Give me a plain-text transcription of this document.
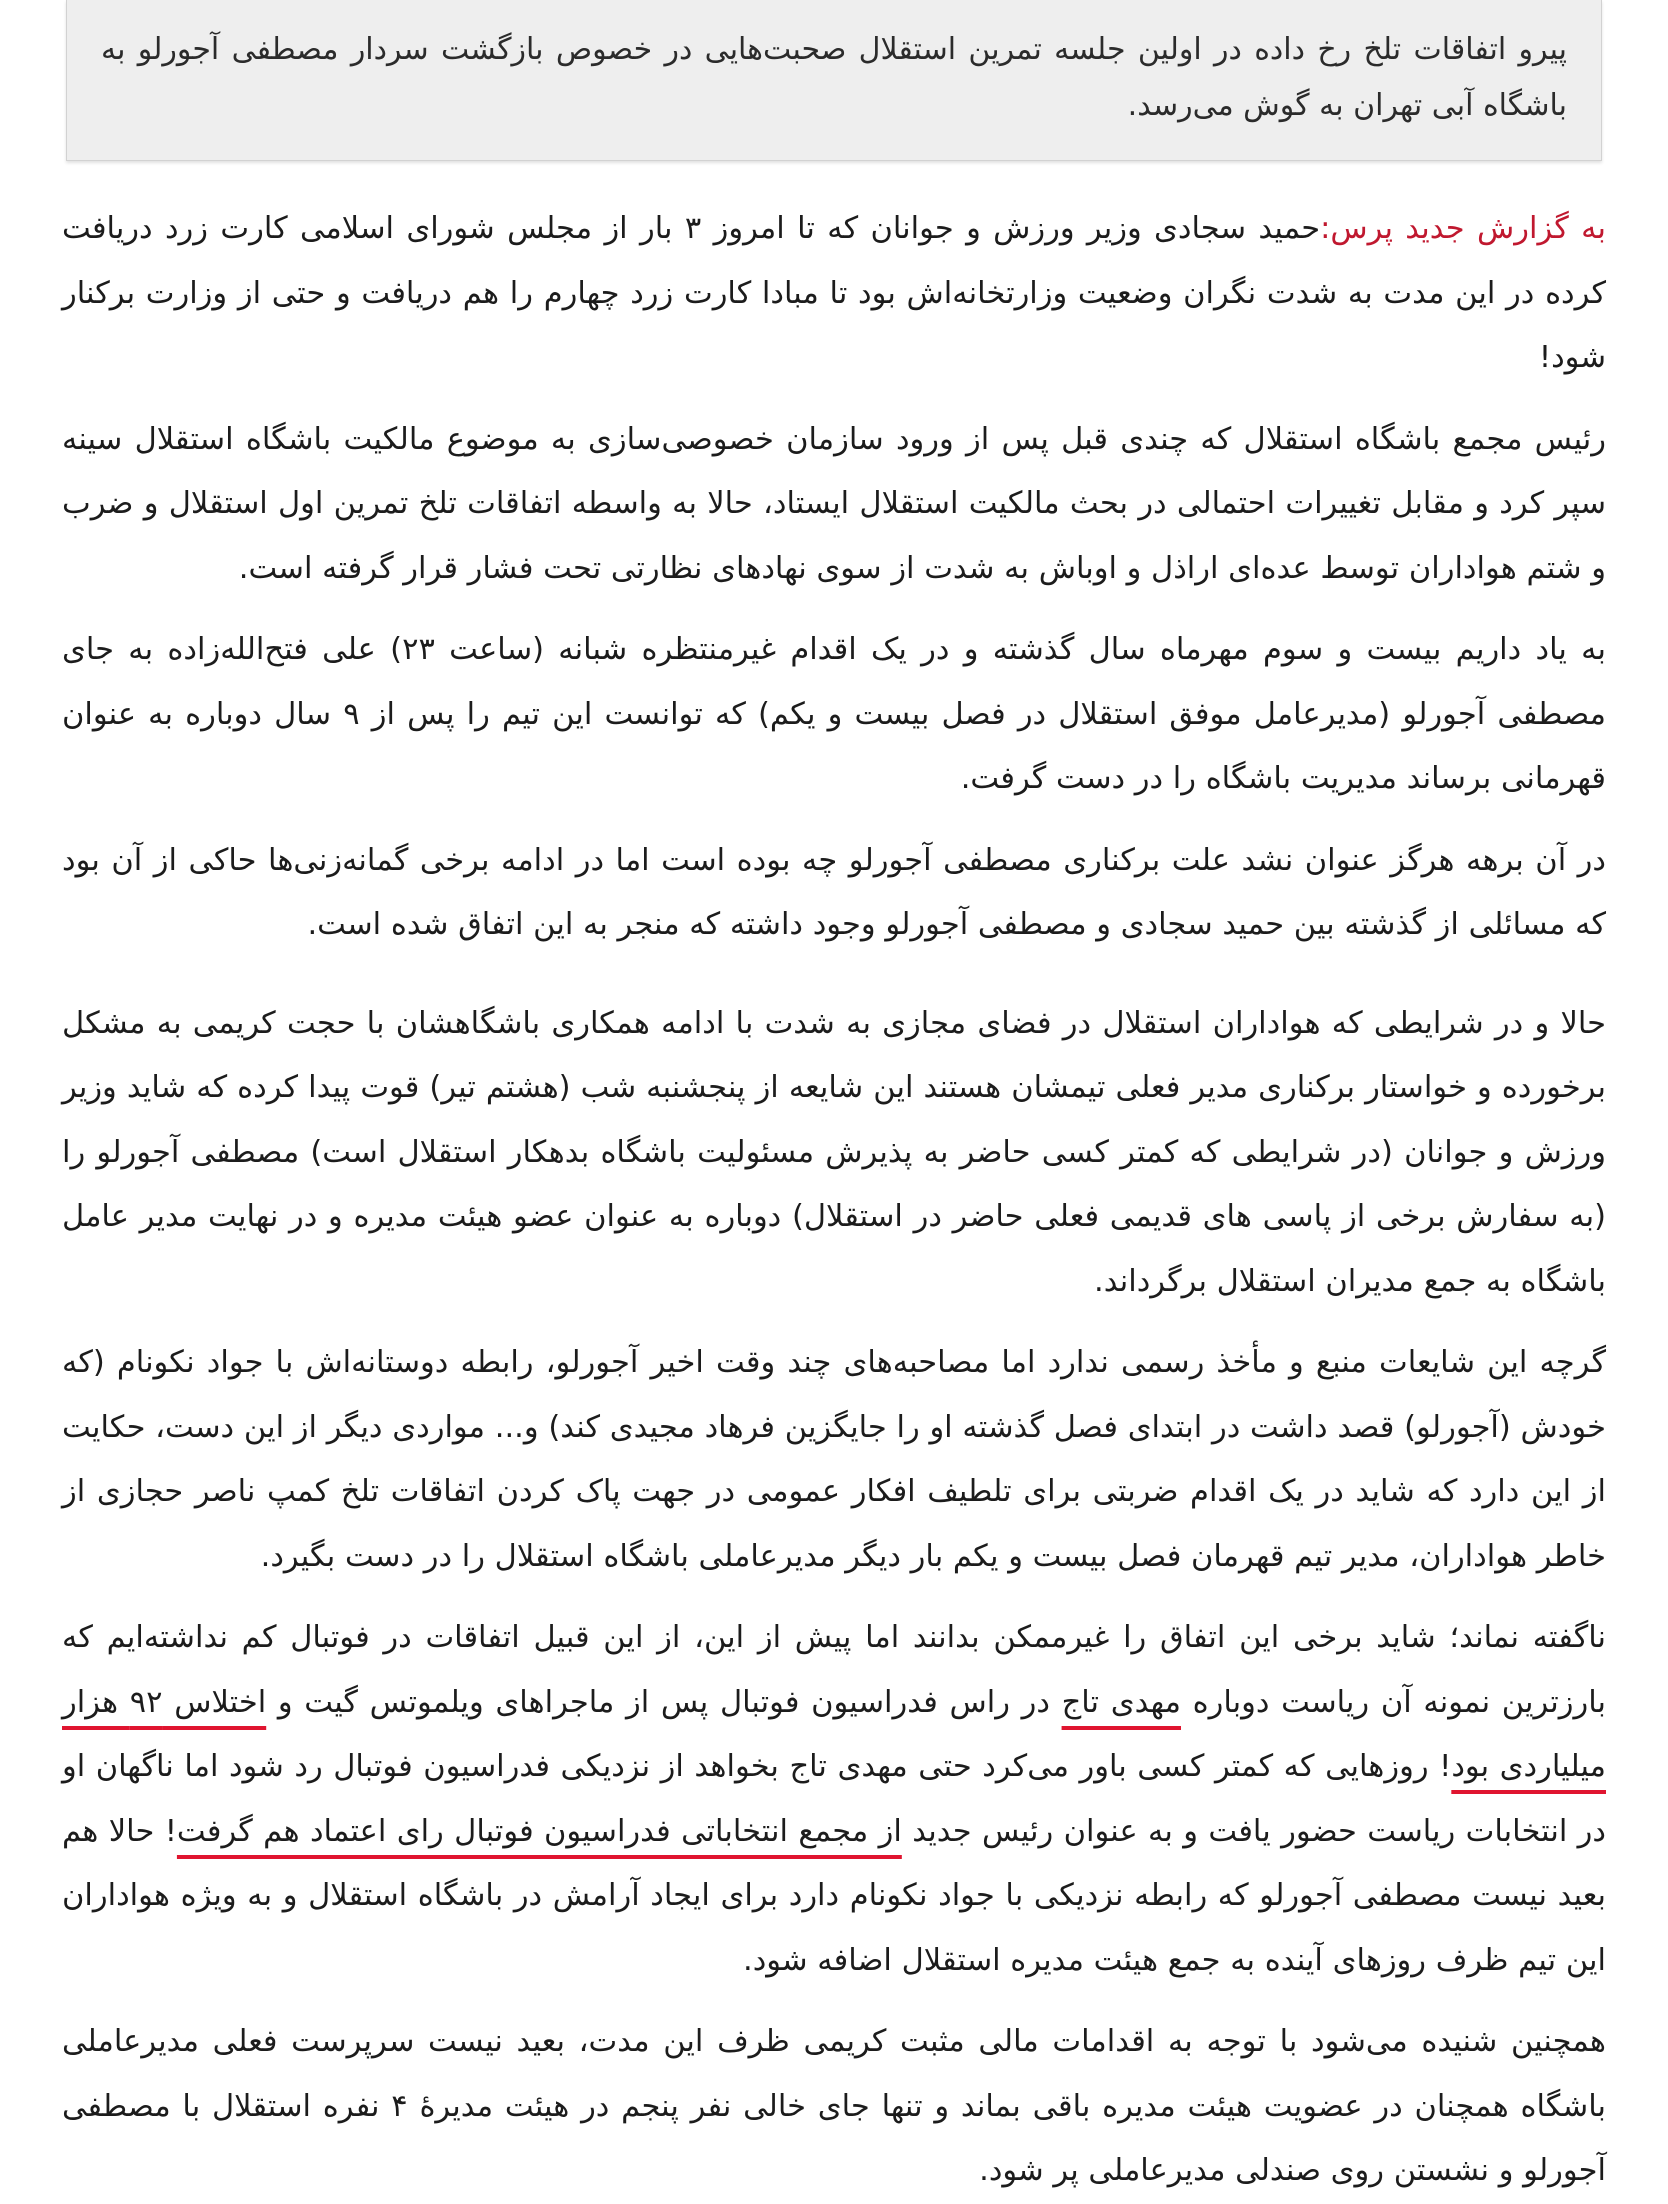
پیرو اتفاقات تلخ رخ داده در اولین جلسه تمرین استقلال صحبت‌هایی در خصوص بازگشت سردار مصطفی آجورلو به باشگاه آبی تهران به گوش می‌رسد.

به گزارش جدید پرس:حمید سجادی وزیر ورزش و جوانان که تا امروز ۳ بار از مجلس شورای اسلامی کارت زرد دریافت کرده در این مدت به شدت نگران وضعیت وزارتخانه‌اش بود تا مبادا کارت زرد چهارم را هم دریافت و حتی از وزارت برکنار شود!

رئیس مجمع باشگاه استقلال که چندی قبل پس از ورود سازمان خصوصی‌سازی به موضوع مالکیت باشگاه استقلال سینه سپر کرد و مقابل تغییرات احتمالی در بحث مالکیت استقلال ایستاد، حالا به واسطه اتفاقات تلخ تمرین اول استقلال و ضرب و شتم هواداران توسط عده‌ای اراذل و اوباش به شدت از سوی نهادهای نظارتی تحت فشار قرار گرفته است.

به یاد داریم بیست و سوم مهرماه سال گذشته و در یک اقدام غیرمنتظره شبانه (ساعت ۲۳) علی فتح‌الله‌زاده به جای مصطفی آجورلو (مدیرعامل موفق استقلال در فصل بیست و یکم) که توانست این تیم را پس از ۹ سال دوباره به عنوان قهرمانی برساند مدیریت باشگاه را در دست گرفت.

در آن برهه هرگز عنوان نشد علت برکناری مصطفی آجورلو چه بوده است اما در ادامه برخی گمانه‌زنی‌ها حاکی از آن بود که مسائلی از گذشته بین حمید سجادی و مصطفی آجورلو وجود داشته که منجر به این اتفاق شده است.

حالا و در شرایطی که هواداران استقلال در فضای مجازی به شدت با ادامه همکاری باشگاهشان با حجت کریمی به مشکل برخورده و خواستار برکناری مدیر فعلی تیمشان هستند این شایعه از پنجشنبه شب (هشتم تیر) قوت پیدا کرده که شاید وزیر ورزش و جوانان (در شرایطی که کمتر کسی حاضر به پذیرش مسئولیت باشگاه بدهکار استقلال است) مصطفی آجورلو را (به سفارش برخی از پاسی های قدیمی فعلی حاضر در استقلال) دوباره به عنوان عضو هیئت مدیره و در نهایت مدیر عامل باشگاه به جمع مدیران استقلال برگرداند.

گرچه این شایعات منبع و مأخذ رسمی ندارد اما مصاحبه‌های چند وقت اخیر آجورلو، رابطه دوستانه‌اش با جواد نکونام (که خودش (آجورلو) قصد داشت در ابتدای فصل گذشته او را جایگزین فرهاد مجیدی کند) و... مواردی دیگر از این دست، حکایت از این دارد که شاید در یک اقدام ضربتی برای تلطیف افکار عمومی در جهت پاک کردن اتفاقات تلخ کمپ ناصر حجازی از خاطر هواداران، مدیر تیم قهرمان فصل بیست و یکم بار دیگر مدیرعاملی باشگاه استقلال را در دست بگیرد.

ناگفته نماند؛ شاید برخی این اتفاق را غیرممکن بدانند اما پیش از این، از این قبیل اتفاقات در فوتبال کم نداشته‌ایم که بارزترین نمونه آن ریاست دوباره مهدی تاج در راس فدراسیون فوتبال پس از ماجراهای ویلموتس گیت و اختلاس ۹۲ هزار میلیاردی بود! روزهایی که کمتر کسی باور می‌کرد حتی مهدی تاج بخواهد از نزدیکی فدراسیون فوتبال رد شود اما ناگهان او در انتخابات ریاست حضور یافت و به عنوان رئیس جدید از مجمع انتخاباتی فدراسیون فوتبال رای اعتماد هم گرفت! حالا هم بعید نیست مصطفی آجورلو که رابطه نزدیکی با جواد نکونام دارد برای ایجاد آرامش در باشگاه استقلال و به ویژه هواداران این تیم ظرف روزهای آینده به جمع هیئت مدیره استقلال اضافه شود.

همچنین شنیده می‌شود با توجه به اقدامات مالی مثبت کریمی ظرف این مدت، بعید نیست سرپرست فعلی مدیرعاملی باشگاه همچنان در عضویت هیئت مدیره باقی بماند و تنها جای خالی نفر پنجم در هیئت مدیرهٔ ۴ نفره استقلال با مصطفی آجورلو و نشستن روی صندلی مدیرعاملی پر شود.
